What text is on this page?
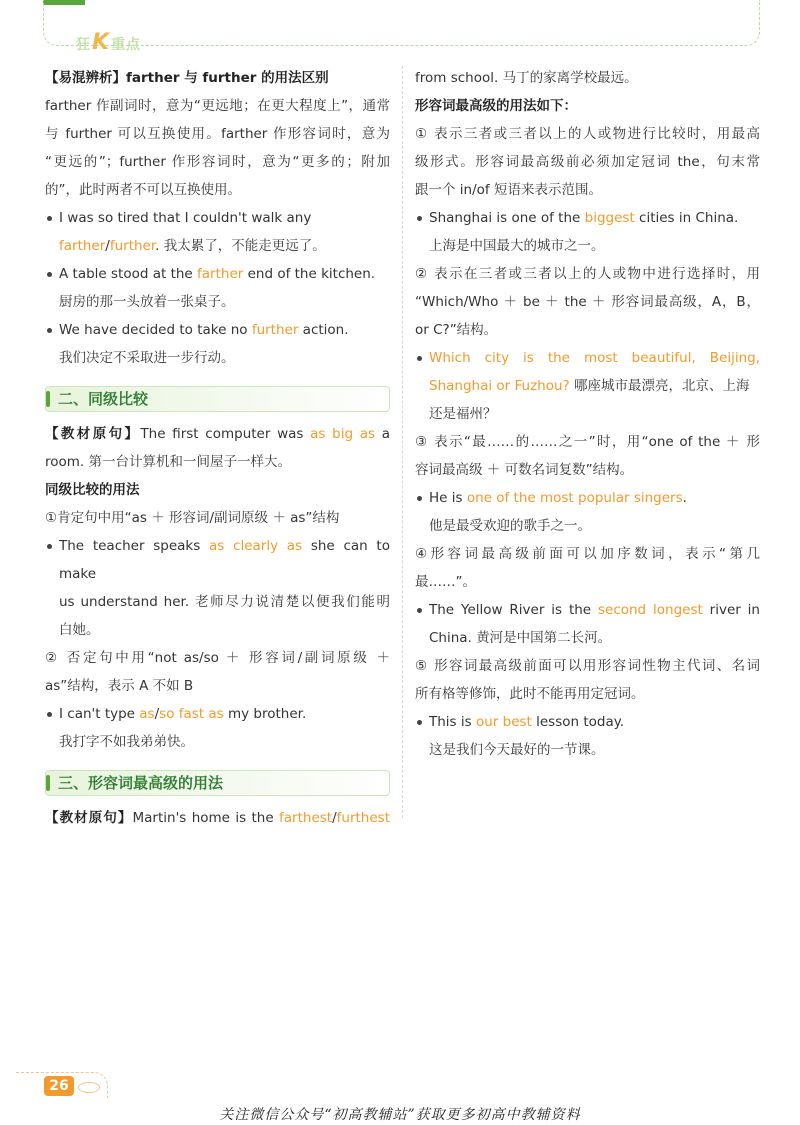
狂K重点

【易混辨析】farther 与 further 的用法区别

farther 作副词时，意为“更远地；在更大程度上”，通常

与 further 可以互换使用。farther 作形容词时，意为

“更远的”；further 作形容词时，意为“更多的；附加

的”，此时两者不可以互换使用。

I was so tired that I couldn't walk any farther/further. 我太累了，不能走更远了。
A table stood at the farther end of the kitchen.

厨房的那一头放着一张桌子。

We have decided to take no further action.

我们决定不采取进一步行动。

二、同级比较

【教材原句】The first computer was as big as a

room. 第一台计算机和一间屋子一样大。

同级比较的用法

①肯定句中用“as ＋ 形容词/副词原级 ＋ as”结构

The teacher speaks as clearly as she can to make

us understand her. 老师尽力说清楚以便我们能明

白她。

② 否定句中用“not as/so ＋ 形容词/副词原级 ＋

as”结构，表示 A 不如 B

I can't type as/so fast as my brother.

我打字不如我弟弟快。

三、形容词最高级的用法

【教材原句】Martin's home is the farthest/furthest

from school. 马丁的家离学校最远。

形容词最高级的用法如下：

① 表示三者或三者以上的人或物进行比较时，用最高

级形式。形容词最高级前必须加定冠词 the，句末常

跟一个 in/of 短语来表示范围。

Shanghai is one of the biggest cities in China.

上海是中国最大的城市之一。

② 表示在三者或三者以上的人或物中进行选择时，用

“Which/Who ＋ be ＋ the ＋ 形容词最高级，A，B，

or C?”结构。

Which city is the most beautiful, Beijing,

Shanghai or Fuzhou? 哪座城市最漂亮，北京、上海

还是福州？

③ 表示“最……的……之一”时，用“one of the ＋ 形

容词最高级 ＋ 可数名词复数”结构。

He is one of the most popular singers.

他是最受欢迎的歌手之一。

④形容词最高级前面可以加序数词，表示“第几

最……”。

The Yellow River is the second longest river in

China. 黄河是中国第二长河。

⑤ 形容词最高级前面可以用形容词性物主代词、名词

所有格等修饰，此时不能再用定冠词。

This is our best lesson today.

这是我们今天最好的一节课。

26
关注微信公众号“初高教辅站”获取更多初高中教辅资料
